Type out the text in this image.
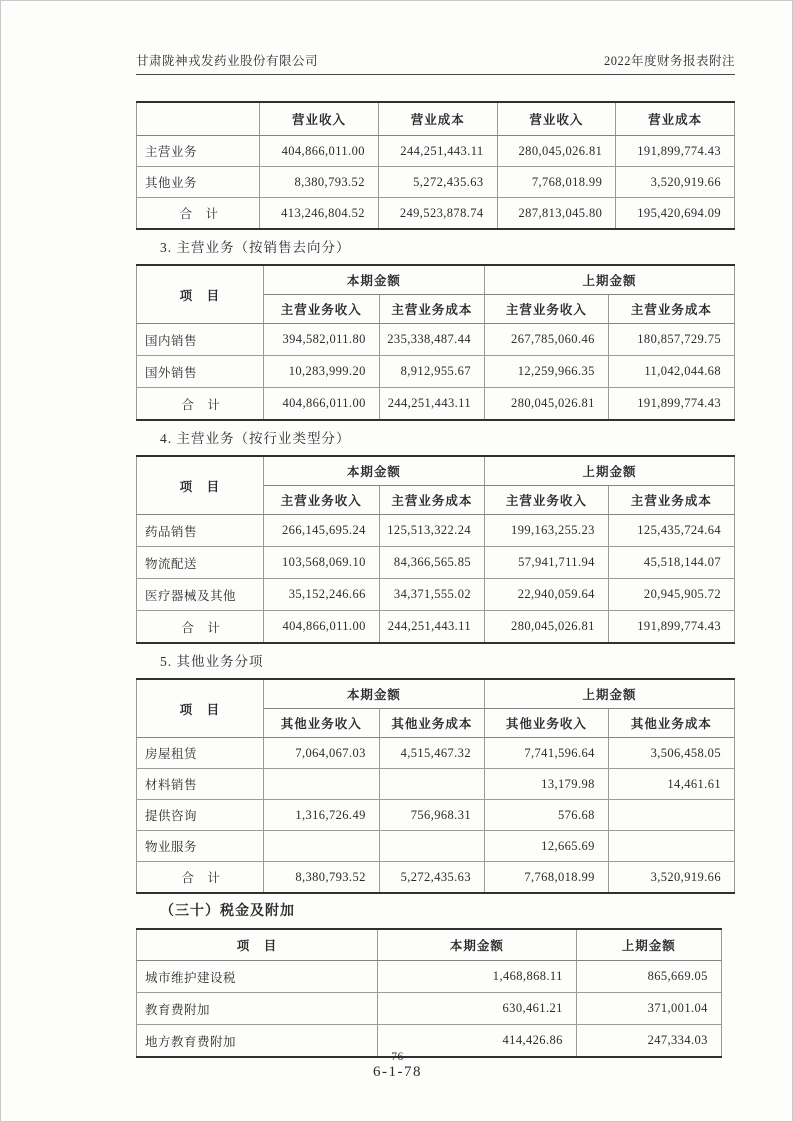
甘肃陇神戎发药业股份有限公司	2022年度财务报表附注
	营业收入	营业成本	营业收入	营业成本
主营业务	404,866,011.00	244,251,443.11	280,045,026.81	191,899,774.43
其他业务	8,380,793.52	5,272,435.63	7,768,018.99	3,520,919.66
合　计	413,246,804.52	249,523,878.74	287,813,045.80	195,420,694.09
3. 主营业务（按销售去向分）
项　目	本期金额		上期金额	
	主营业务收入	主营业务成本	主营业务收入	主营业务成本
国内销售	394,582,011.80	235,338,487.44	267,785,060.46	180,857,729.75
国外销售	10,283,999.20	8,912,955.67	12,259,966.35	11,042,044.68
合　计	404,866,011.00	244,251,443.11	280,045,026.81	191,899,774.43
4. 主营业务（按行业类型分）
项　目	本期金额		上期金额	
	主营业务收入	主营业务成本	主营业务收入	主营业务成本
药品销售	266,145,695.24	125,513,322.24	199,163,255.23	125,435,724.64
物流配送	103,568,069.10	84,366,565.85	57,941,711.94	45,518,144.07
医疗器械及其他	35,152,246.66	34,371,555.02	22,940,059.64	20,945,905.72
合　计	404,866,011.00	244,251,443.11	280,045,026.81	191,899,774.43
5. 其他业务分项
项　目	本期金额		上期金额	
	其他业务收入	其他业务成本	其他业务收入	其他业务成本
房屋租赁	7,064,067.03	4,515,467.32	7,741,596.64	3,506,458.05
材料销售			13,179.98	14,461.61
提供咨询	1,316,726.49	756,968.31	576.68	
物业服务			12,665.69	
合　计	8,380,793.52	5,272,435.63	7,768,018.99	3,520,919.66
（三十）税金及附加
项　目	本期金额	上期金额
城市维护建设税	1,468,868.11	865,669.05
教育费附加	630,461.21	371,001.04
地方教育费附加	414,426.86	247,334.03
76
6-1-78
